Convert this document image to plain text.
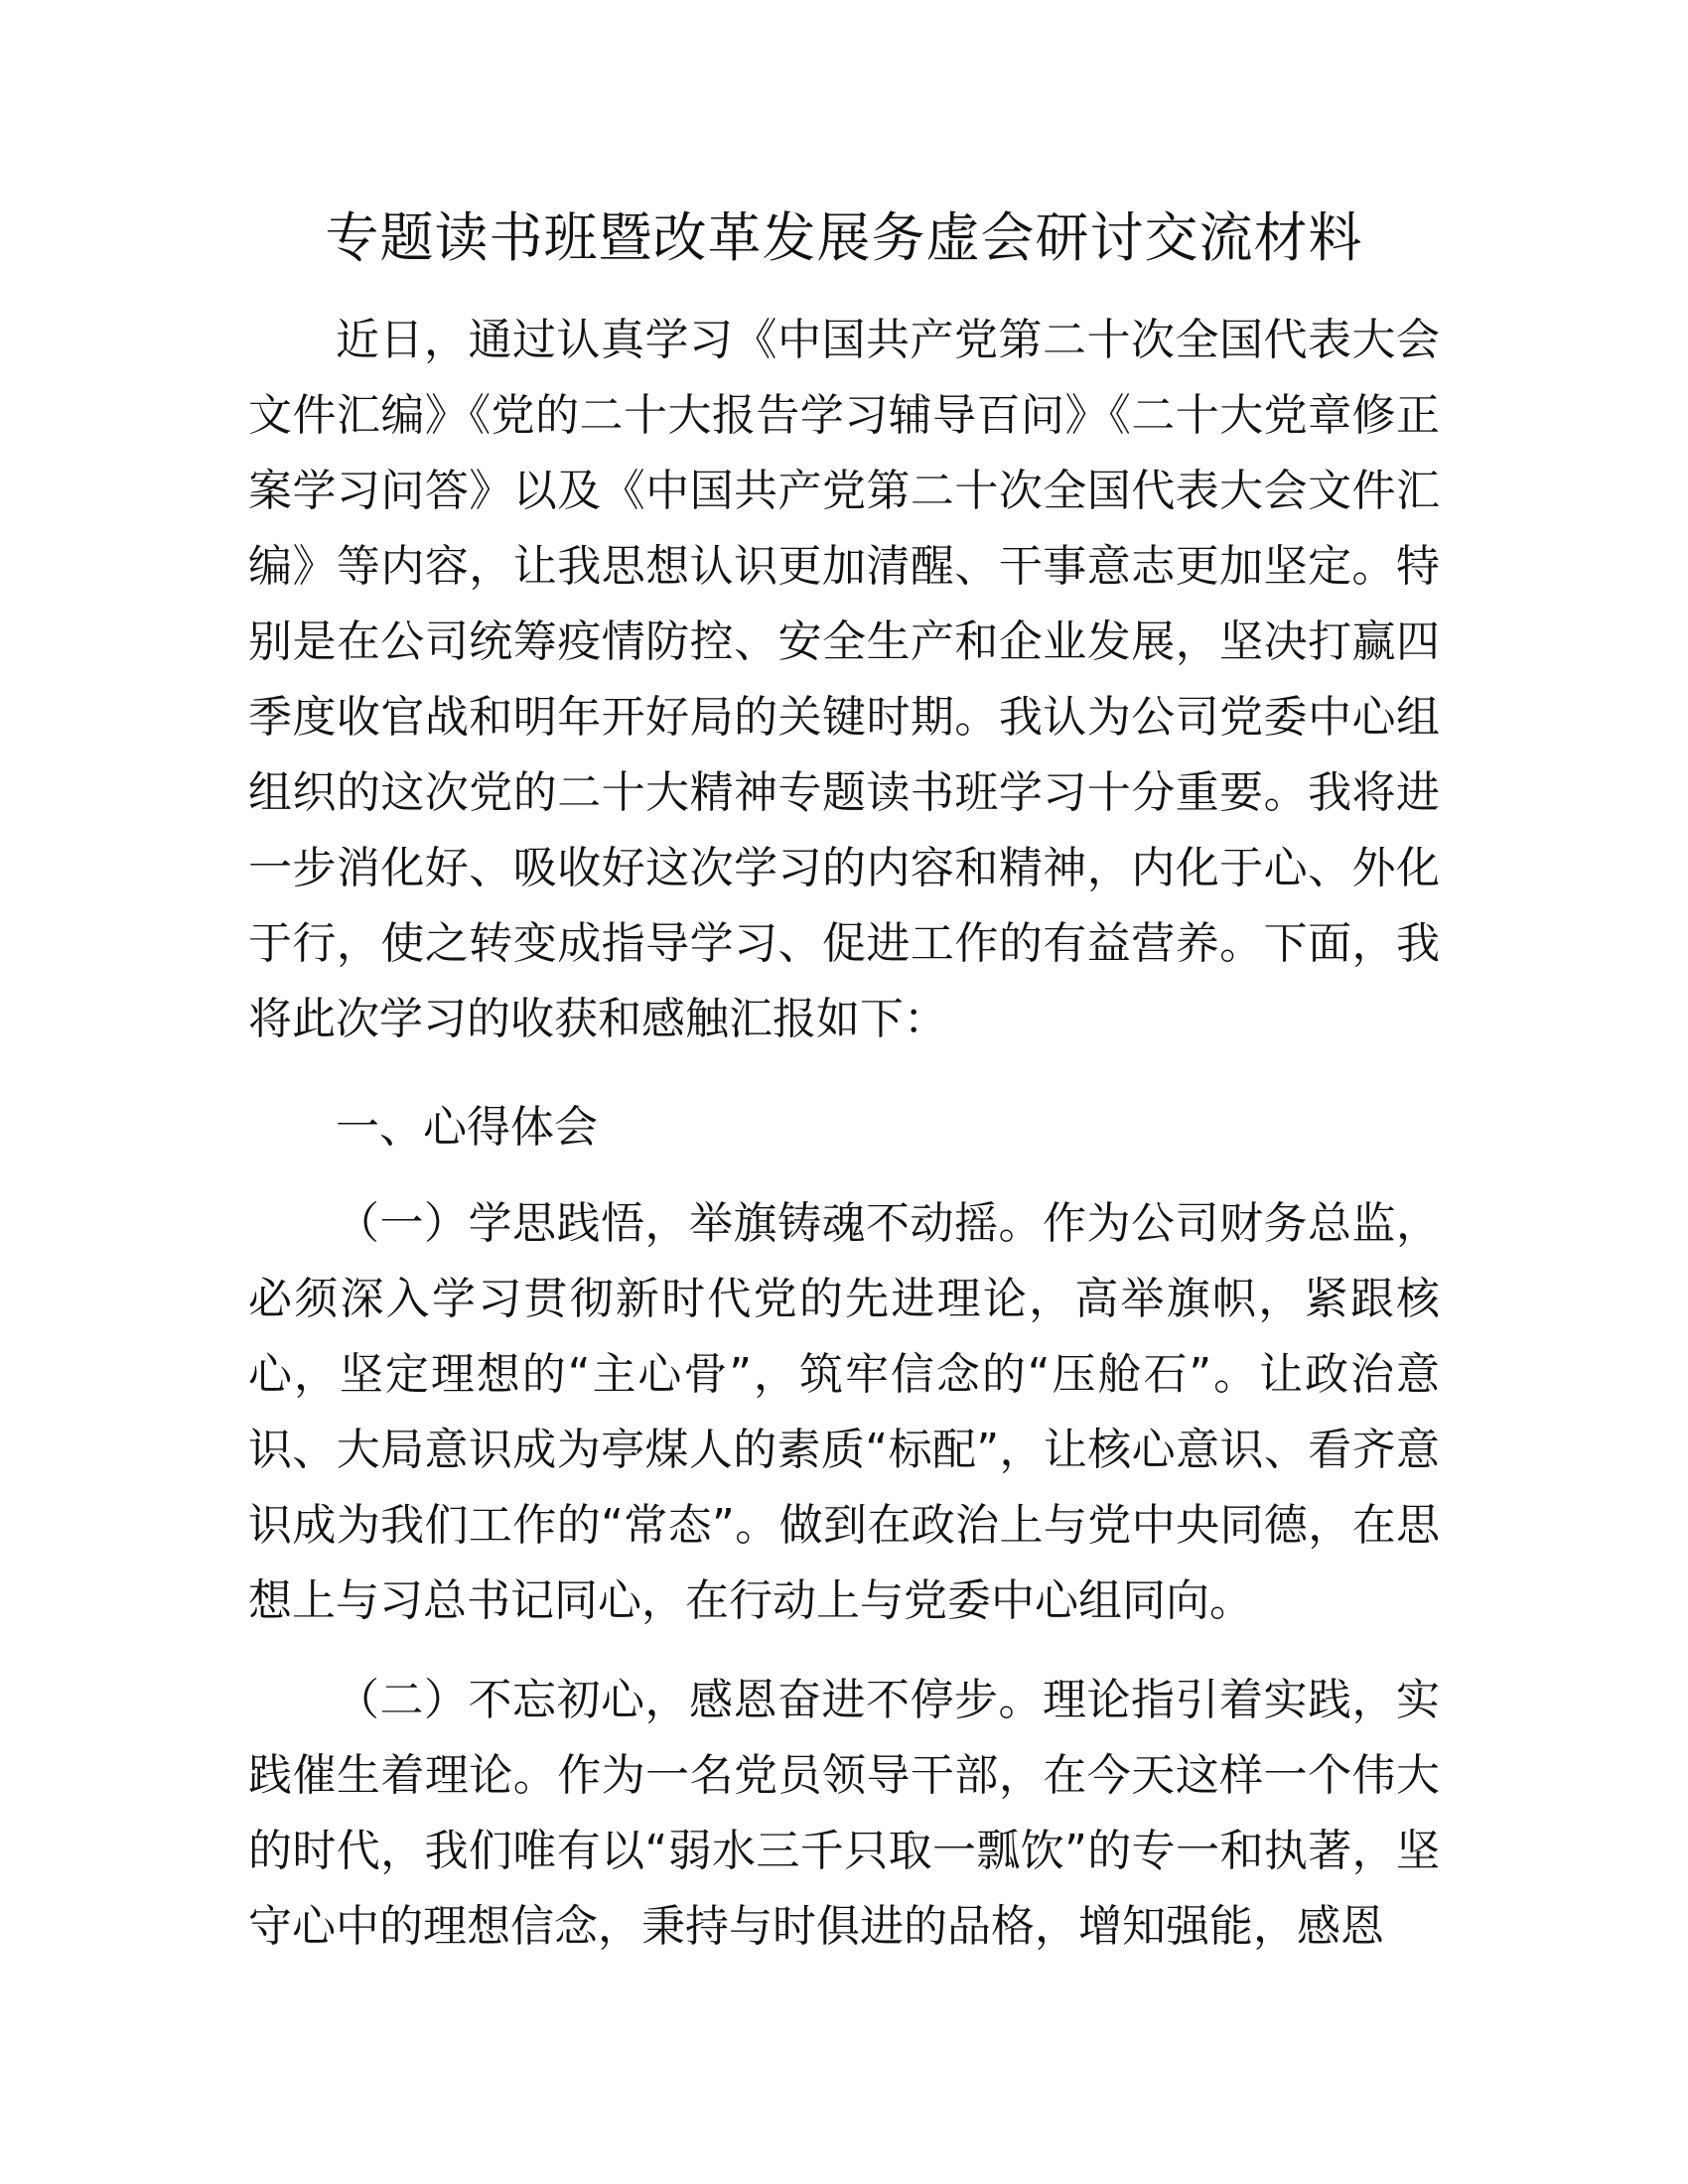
专题读书班暨改革发展务虚会研讨交流材料

近日，通过认真学习《中国共产党第二十次全国代表大会文件汇编》《党的二十大报告学习辅导百问》《二十大党章修正案学习问答》以及《中国共产党第二十次全国代表大会文件汇编》等内容，让我思想认识更加清醒、干事意志更加坚定。特别是在公司统筹疫情防控、安全生产和企业发展，坚决打赢四季度收官战和明年开好局的关键时期。我认为公司党委中心组组织的这次党的二十大精神专题读书班学习十分重要。我将进一步消化好、吸收好这次学习的内容和精神，内化于心、外化于行，使之转变成指导学习、促进工作的有益营养。下面，我将此次学习的收获和感触汇报如下：

一、心得体会

（一）学思践悟，举旗铸魂不动摇。作为公司财务总监，必须深入学习贯彻新时代党的先进理论，高举旗帜，紧跟核心，坚定理想的“主心骨”，筑牢信念的“压舱石”。让政治意识、大局意识成为亭煤人的素质“标配”，让核心意识、看齐意识成为我们工作的“常态”。做到在政治上与党中央同德，在思想上与习总书记同心，在行动上与党委中心组同向。

（二）不忘初心，感恩奋进不停步。理论指引着实践，实践催生着理论。作为一名党员领导干部，在今天这样一个伟大的时代，我们唯有以“弱水三千只取一瓢饮”的专一和执著，坚守心中的理想信念，秉持与时俱进的品格，增知强能，感恩
